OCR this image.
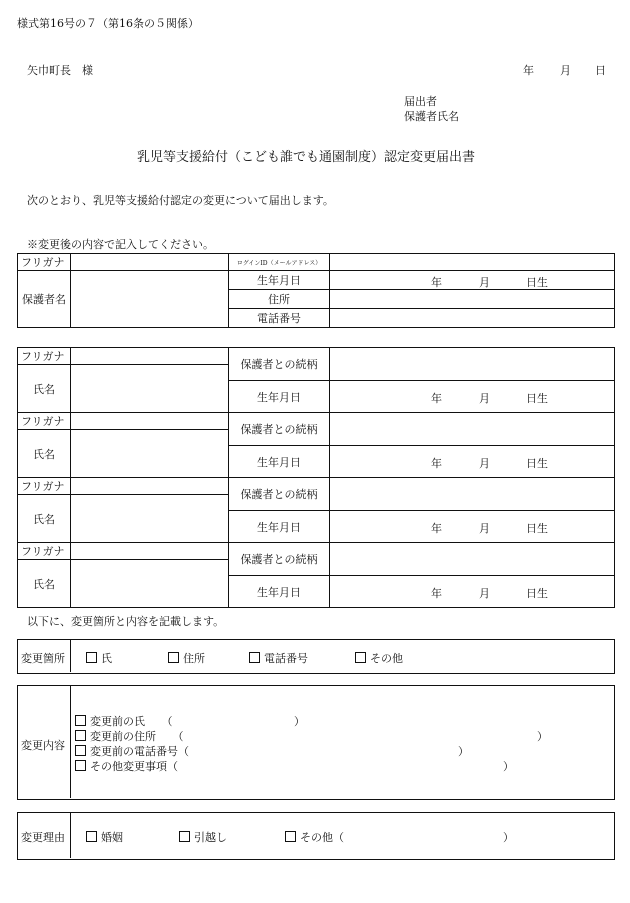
様式第16号の７（第16条の５関係）
矢巾町長　様	年 月 日
届出者
保護者氏名
乳児等支援給付（こども誰でも通園制度）認定変更届出書
次のとおり、乳児等支援給付認定の変更について届出します。
※変更後の内容で記入してください。
フリガナ		ログインID（メールアドレス）	
保護者名		生年月日	年 月 日生

		住所	
		電話番号	
フリガナ		保護者との続柄	
氏名			
		生年月日	年 月 日生

フリガナ		保護者との続柄	
氏名			
		生年月日	年 月 日生

フリガナ		保護者との続柄	
氏名			
		生年月日	年 月 日生

フリガナ		保護者との続柄	
氏名			
		生年月日	年 月 日生
以下に、変更箇所と内容を記載します。
変更箇所	氏	住所	電話番号	その他
変更内容
変更前の氏　　（	）
変更前の住所　　（	）
変更前の電話番号（	）
その他変更事項（	）
変更理由	婚姻	引越し	その他（	）
